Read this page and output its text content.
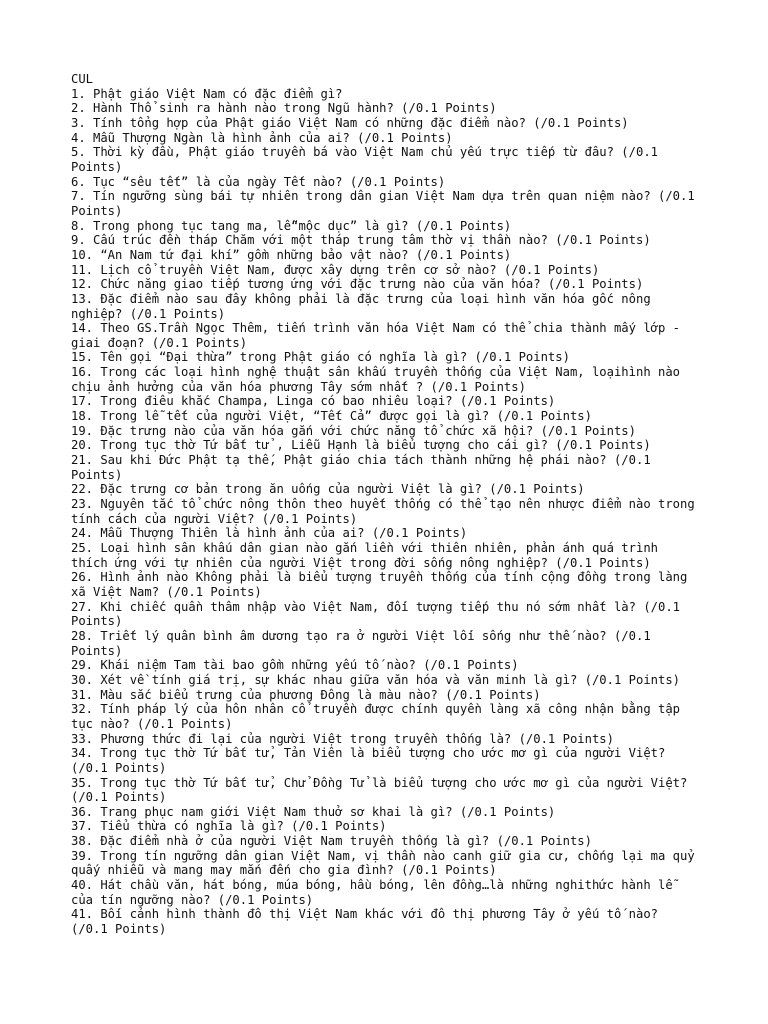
CUL

1. Phật giáo Việt Nam có đặc điểm gì?

2. Hành Thổ sinh ra hành nào trong Ngũ hành? (/0.1 Points)

3. Tính tổng hợp của Phật giáo Việt Nam có những đặc điểm nào? (/0.1 Points)

4. Mẫu Thượng Ngàn là hình ảnh của ai? (/0.1 Points)

5. Thời kỳ đầu, Phật giáo truyền bá vào Việt Nam chủ yếu trực tiếp từ đâu? (/0.1 Points)

6. Tục “sêu tết” là của ngày Tết nào? (/0.1 Points)

7. Tín ngưỡng sùng bái tự nhiên trong dân gian Việt Nam dựa trên quan niệm nào? (/0.1 Points)

8. Trong phong tục tang ma, lễ“mộc dục” là gì? (/0.1 Points)

9. Cấu trúc đền tháp Chăm với một tháp trung tâm thờ vị thần nào? (/0.1 Points)

10. “An Nam tứ đại khí” gồm những bảo vật nào? (/0.1 Points)

11. Lịch cổ truyền Việt Nam, được xây dựng trên cơ sở nào? (/0.1 Points)

12. Chức năng giao tiếp tương ứng với đặc trưng nào của văn hóa? (/0.1 Points)

13. Đặc điểm nào sau đây không phải là đặc trưng của loại hình văn hóa gốc nông nghiệp? (/0.1 Points)

14. Theo GS.Trần Ngọc Thêm, tiến trình văn hóa Việt Nam có thể chia thành mấy lớp - giai đoạn? (/0.1 Points)

15. Tên gọi “Đại thừa” trong Phật giáo có nghĩa là gì? (/0.1 Points)

16. Trong các loại hình nghệ thuật sân khấu truyền thống của Việt Nam, loạihình nào chịu ảnh hưởng của văn hóa phương Tây sớm nhất ? (/0.1 Points)

17. Trong điêu khắc Champa, Linga có bao nhiêu loại? (/0.1 Points)

18. Trong lễ tết của người Việt, “Tết Cả” được gọi là gì? (/0.1 Points)

19. Đặc trưng nào của văn hóa gắn với chức năng tổ chức xã hội? (/0.1 Points)

20. Trong tục thờ Tứ bất tử , Liễu Hạnh là biểu tượng cho cái gì? (/0.1 Points)

21. Sau khi Đức Phật tạ thế, Phật giáo chia tách thành những hệ phái nào? (/0.1 Points)

22. Đặc trưng cơ bản trong ăn uống của người Việt là gì? (/0.1 Points)

23. Nguyên tắc tổ chức nông thôn theo huyết thống có thể tạo nên nhược điểm nào trong tính cách của người Việt? (/0.1 Points)

24. Mẫu Thượng Thiên là hình ảnh của ai? (/0.1 Points)

25. Loại hình sân khấu dân gian nào gắn liền với thiên nhiên, phản ánh quá trình thích ứng với tự nhiên của người Việt trong đời sống nông nghiệp? (/0.1 Points)

26. Hình ảnh nào Không phải là biểu tượng truyền thống của tính cộng đồng trong làng xã Việt Nam? (/0.1 Points)

27. Khi chiếc quần thâm nhập vào Việt Nam, đối tượng tiếp thu nó sớm nhất là? (/0.1 Points)

28. Triết lý quân bình âm dương tạo ra ở người Việt lối sống như thế nào? (/0.1 Points)

29. Khái niệm Tam tài bao gồm những yếu tố nào? (/0.1 Points)

30. Xét về tính giá trị, sự khác nhau giữa văn hóa và văn minh là gì? (/0.1 Points)

31. Màu sắc biểu trưng của phương Đông là màu nào? (/0.1 Points)

32. Tính pháp lý của hôn nhân cổ truyền được chính quyền làng xã công nhận bằng tập tục nào? (/0.1 Points)

33. Phương thức đi lại của người Việt trong truyền thống là? (/0.1 Points)

34. Trong tục thờ Tứ bất tử, Tản Viên là biểu tượng cho ước mơ gì của người Việt? (/0.1 Points)

35. Trong tục thờ Tứ bất tử, Chử Đồng Tử là biểu tượng cho ước mơ gì của người Việt? (/0.1 Points)

36. Trang phục nam giới Việt Nam thuở sơ khai là gì? (/0.1 Points)

37. Tiểu thừa có nghĩa là gì? (/0.1 Points)

38. Đặc điểm nhà ở của người Việt Nam truyền thống là gì? (/0.1 Points)

39. Trong tín ngưỡng dân gian Việt Nam, vị thần nào canh giữ gia cư, chống lại ma quỷ quấy nhiễu và mang may mắn đến cho gia đình? (/0.1 Points)

40. Hát chầu văn, hát bóng, múa bóng, hầu bóng, lên đồng…là những nghithức hành lễ của tín ngưỡng nào? (/0.1 Points)

41. Bối cảnh hình thành đô thị Việt Nam khác với đô thị phương Tây ở yếu tố nào? (/0.1 Points)
